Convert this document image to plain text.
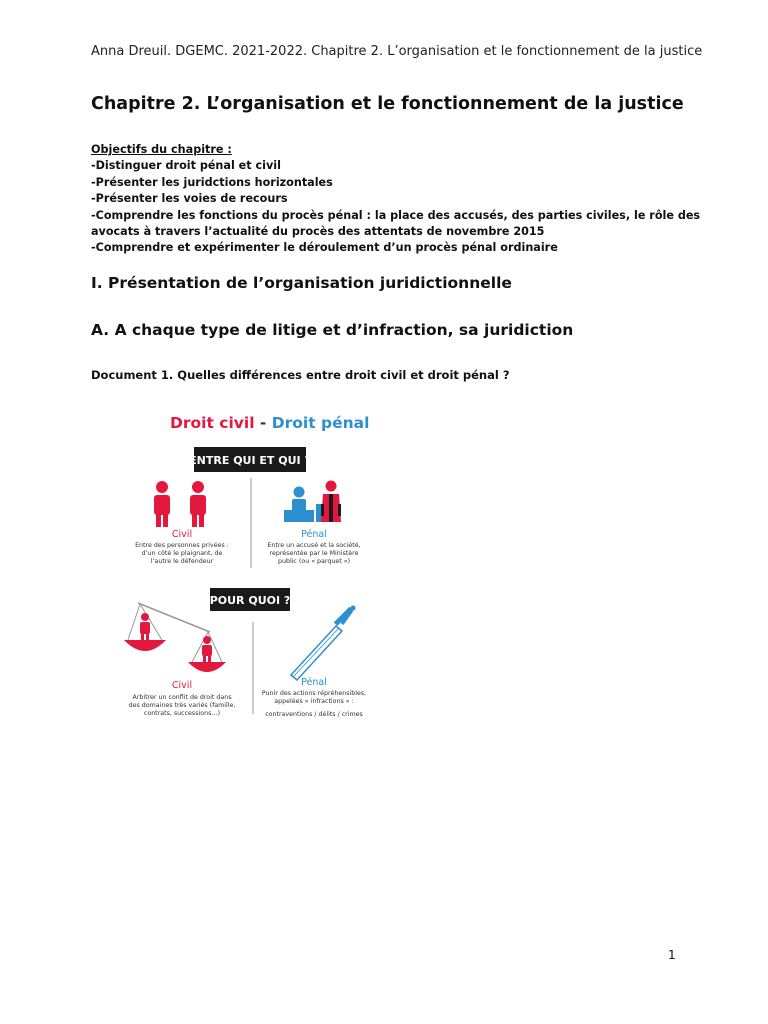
Anna Dreuil. DGEMC. 2021-2022. Chapitre 2. L’organisation et le fonctionnement de la justice
Chapitre 2. L’organisation et le fonctionnement de la justice
Objectifs du chapitre :
-Distinguer droit pénal et civil
-Présenter les juridctions horizontales
-Présenter les voies de recours
-Comprendre les fonctions du procès pénal : la place des accusés, des parties civiles, le rôle des
avocats à travers l’actualité du procès des attentats de novembre 2015
-Comprendre et expérimenter le déroulement d’un procès pénal ordinaire
I. Présentation de l’organisation juridictionnelle
A. A chaque type de litige et d’infraction, sa juridiction
Document 1. Quelles différences entre droit civil et droit pénal ?
Droit civil - Droit pénal
ENTRE QUI ET QUI ?
Civil	Pénal
Entre des personnes privées :
d’un côté le plaignant, de
l’autre le défendeur
Entre un accusé et la société,
représentée par le Ministère
public (ou « parquet »)
POUR QUOI ?
Civil	Pénal
Arbitrer un conflit de droit dans
des domaines très variés (famille,
contrats, successions…)
Punir des actions répréhensibles,
appelées « infractions » :
contraventions / délits / crimes
1
